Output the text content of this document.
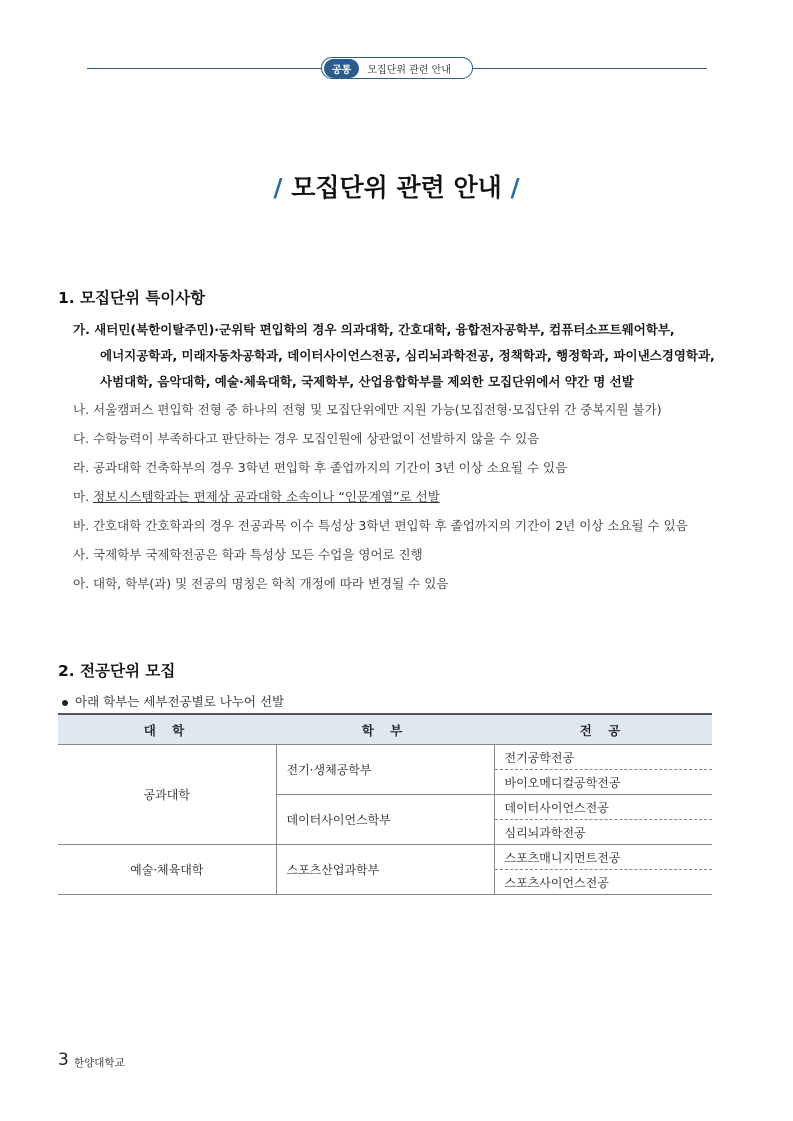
공통	모집단위 관련 안내
/ 모집단위 관련 안내 /
1. 모집단위 특이사항
가. 새터민(북한이탈주민)·군위탁 편입학의 경우 의과대학, 간호대학, 융합전자공학부, 컴퓨터소프트웨어학부,
에너지공학과, 미래자동차공학과, 데이터사이언스전공, 심리뇌과학전공, 정책학과, 행정학과, 파이낸스경영학과,
사범대학, 음악대학, 예술·체육대학, 국제학부, 산업융합학부를 제외한 모집단위에서 약간 명 선발
나. 서울캠퍼스 편입학 전형 중 하나의 전형 및 모집단위에만 지원 가능(모집전형·모집단위 간 중복지원 불가)
다. 수학능력이 부족하다고 판단하는 경우 모집인원에 상관없이 선발하지 않을 수 있음
라. 공과대학 건축학부의 경우 3학년 편입학 후 졸업까지의 기간이 3년 이상 소요될 수 있음
마. 정보시스템학과는 편제상 공과대학 소속이나 “인문계열”로 선발
바. 간호대학 간호학과의 경우 전공과목 이수 특성상 3학년 편입학 후 졸업까지의 기간이 2년 이상 소요될 수 있음
사. 국제학부 국제학전공은 학과 특성상 모든 수업을 영어로 진행
아. 대학, 학부(과) 및 전공의 명칭은 학칙 개정에 따라 변경될 수 있음
2. 전공단위 모집
아래 학부는 세부전공별로 나누어 선발
대 학	학 부	전 공
공과대학	전기·생체공학부	전기공학전공
		바이오메디컬공학전공
	데이터사이언스학부	데이터사이언스전공
		심리뇌과학전공
예술·체육대학	스포츠산업과학부	스포츠매니지먼트전공
		스포츠사이언스전공
3 한양대학교
